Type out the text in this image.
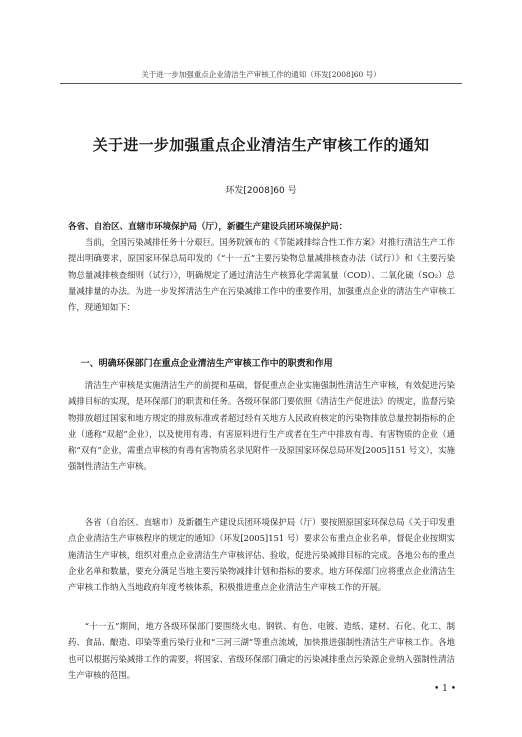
关于进一步加强重点企业清洁生产审核工作的通知（环发[2008]60 号）
关于进一步加强重点企业清洁生产审核工作的通知
环发[2008]60 号
各省、自治区、直辖市环境保护局（厅），新疆生产建设兵团环境保护局：

当前，全国污染减排任务十分艰巨。国务院颁布的《节能减排综合性工作方案》对推行清洁生产工作提出明确要求，原国家环保总局印发的《“十一五”主要污染物总量减排核查办法（试行）》和《主要污染物总量减排核查细则（试行）》，明确规定了通过清洁生产核算化学需氧量（COD）、二氧化硫（SO₂）总量减排量的办法。为进一步发挥清洁生产在污染减排工作中的重要作用，加强重点企业的清洁生产审核工作，现通知如下：

一、明确环保部门在重点企业清洁生产审核工作中的职责和作用

清洁生产审核是实施清洁生产的前提和基础，督促重点企业实施强制性清洁生产审核，有效促进污染减排目标的实现，是环保部门的职责和任务。各级环保部门要依照《清洁生产促进法》的规定，监督污染物排放超过国家和地方规定的排放标准或者超过经有关地方人民政府核定的污染物排放总量控制指标的企业（通称“双超”企业），以及使用有毒、有害原料进行生产或者在生产中排放有毒、有害物质的企业（通称“双有”企业，需重点审核的有毒有害物质名录见附件一及原国家环保总局环发[2005]151 号文），实施强制性清洁生产审核。

各省（自治区、直辖市）及新疆生产建设兵团环境保护局（厅）要按照原国家环保总局《关于印发重点企业清洁生产审核程序的规定的通知》（环发[2005]151 号）要求公布重点企业名单，督促企业按期实施清洁生产审核，组织对重点企业清洁生产审核评估、验收，促进污染减排目标的完成。各地公布的重点企业名单和数量，要充分满足当地主要污染物减排计划和指标的要求。地方环保部门应将重点企业清洁生产审核工作纳入当地政府年度考核体系，积极推进重点企业清洁生产审核工作的开展。

“十一五”期间，地方各级环保部门要围绕火电、钢铁、有色、电镀、造纸、建材、石化、化工、制药、食品、酿造、印染等重污染行业和“三河三湖”等重点流域，加快推进强制性清洁生产审核工作。各地也可以根据污染减排工作的需要，将国家、省级环保部门确定的污染减排重点污染源企业纳入强制性清洁生产审核的范围。

• 1 •
